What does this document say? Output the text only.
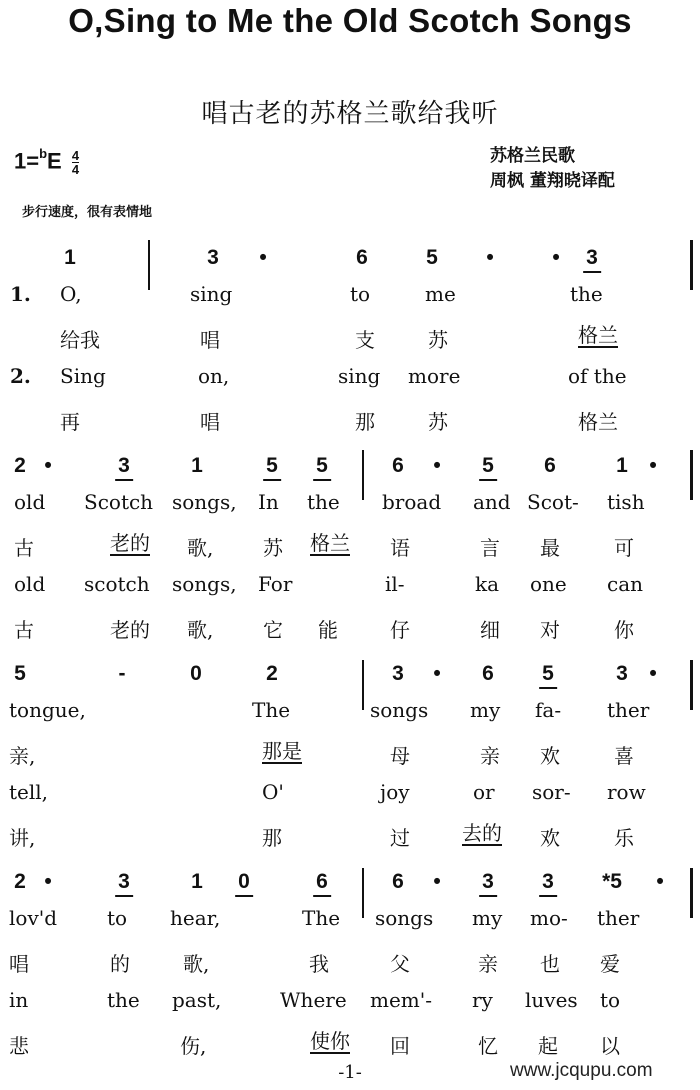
O,Sing to Me the Old Scotch Songs
唱古老的苏格兰歌给我听
$1=^bE \frac{4}{4}$	苏格兰民歌
周枫 董翔晓译配
步行速度，很有表情地
1	3 •	6	5 •	• 3
O,	sing	to	me	the
给我	唱	支	苏	格兰
Sing	on,	sing more	of the
再	唱	那	苏	格兰
2 •	3	1	5 5	6 • 5 6	1 •
old Scotch songs, In the broad and Scot- tish
古	老的 歌, 苏 格兰 语	言 最	可
old scotch songs, For	il-	ka one can
古	老的 歌, 它 能	仔	细 对	你
5	-	0	2	3 • 6 5	3 •
tongue,	The	songs my fa- ther
亲,	那是	母	亲 欢	喜
tell,	O'	joy	or sor- row
讲,	那	过	去的 欢	乐
2 •	3	1 0	6	6 • 3 3 *5 •
lov'd to hear,	The songs my mo- ther
唱	的	歌,	我	父	亲 也 爱
in	the past,	Where mem'- ry luves to
悲	伤,	使你 回	忆 起 以
1.
2.
-1-	www.jcqupu.com
